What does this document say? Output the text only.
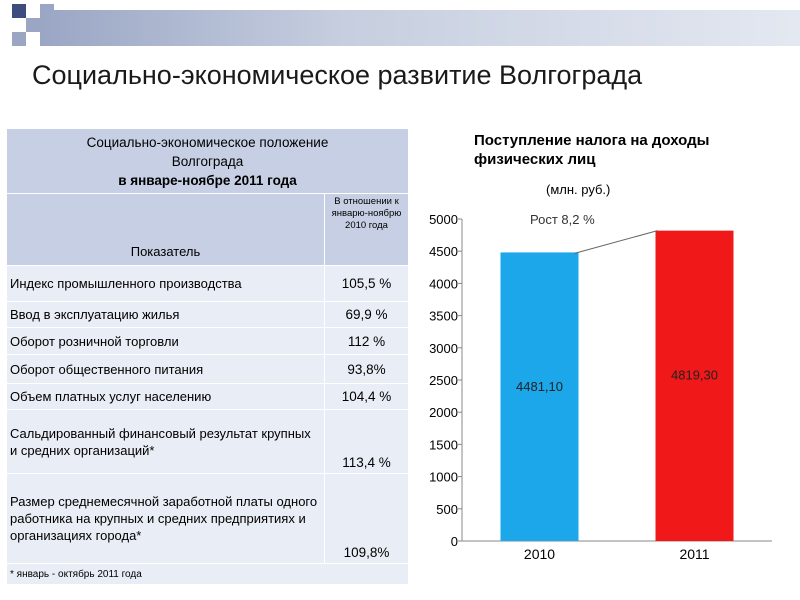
Социально-экономическое развитие Волгограда
Социально-экономическое положение
Волгограда
в январе-ноябре 2011 года	

Показатель	В отношении к январю-ноябрю 2010 года
Индекс промышленного производства	105,5 %
Ввод в эксплуатацию жилья	69,9 %
Оборот розничной торговли	112 %
Оборот общественного питания	93,8%
Объем платных услуг населению	104,4 %
Сальдированный финансовый результат крупных и средних организаций*	113,4 %
Размер среднемесячной заработной платы одного работника на крупных и средних предприятиях и организациях города*	109,8%
* январь - октябрь 2011 года	
Поступление налога на доходы физических лиц
(млн. руб.)
Рост 8,2 %
0
500
1000
1500
2000
2500
3000
3500
4000
4500
5000
4481,10
2010
4819,30
2011
